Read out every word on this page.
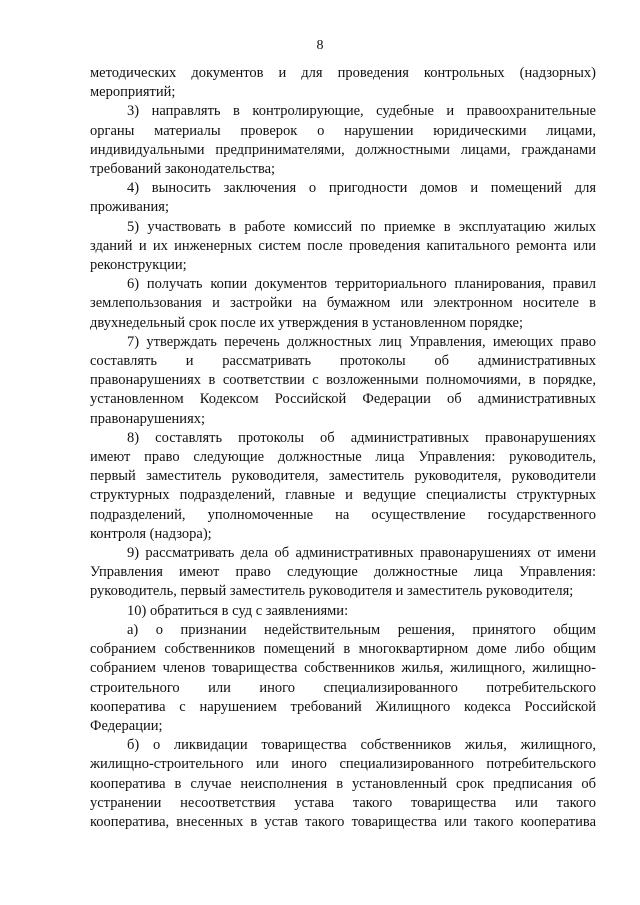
8

методических документов и для проведения контрольных (надзорных)

мероприятий;

3) направлять в контролирующие, судебные и правоохранительные

органы материалы проверок о нарушении юридическими лицами,

индивидуальными предпринимателями, должностными лицами, гражданами

требований законодательства;

4) выносить заключения о пригодности домов и помещений для

проживания;

5) участвовать в работе комиссий по приемке в эксплуатацию жилых

зданий и их инженерных систем после проведения капитального ремонта или

реконструкции;

6) получать копии документов территориального планирования, правил

землепользования и застройки на бумажном или электронном носителе в

двухнедельный срок после их утверждения в установленном порядке;

7) утверждать перечень должностных лиц Управления, имеющих право

составлять и рассматривать протоколы об административных

правонарушениях в соответствии с возложенными полномочиями, в порядке,

установленном Кодексом Российской Федерации об административных

правонарушениях;

8) составлять протоколы об административных правонарушениях

имеют право следующие должностные лица Управления: руководитель,

первый заместитель руководителя, заместитель руководителя, руководители

структурных подразделений, главные и ведущие специалисты структурных

подразделений, уполномоченные на осуществление государственного

контроля (надзора);

9) рассматривать дела об административных правонарушениях от имени

Управления имеют право следующие должностные лица Управления:

руководитель, первый заместитель руководителя и заместитель руководителя;

10) обратиться в суд с заявлениями:

а) о признании недействительным решения, принятого общим

собранием собственников помещений в многоквартирном доме либо общим

собранием членов товарищества собственников жилья, жилищного, жилищно-

строительного или иного специализированного потребительского

кооператива с нарушением требований Жилищного кодекса Российской

Федерации;

б) о ликвидации товарищества собственников жилья, жилищного,

жилищно-строительного или иного специализированного потребительского

кооператива в случае неисполнения в установленный срок предписания об

устранении несоответствия устава такого товарищества или такого

кооператива, внесенных в устав такого товарищества или такого кооператива
